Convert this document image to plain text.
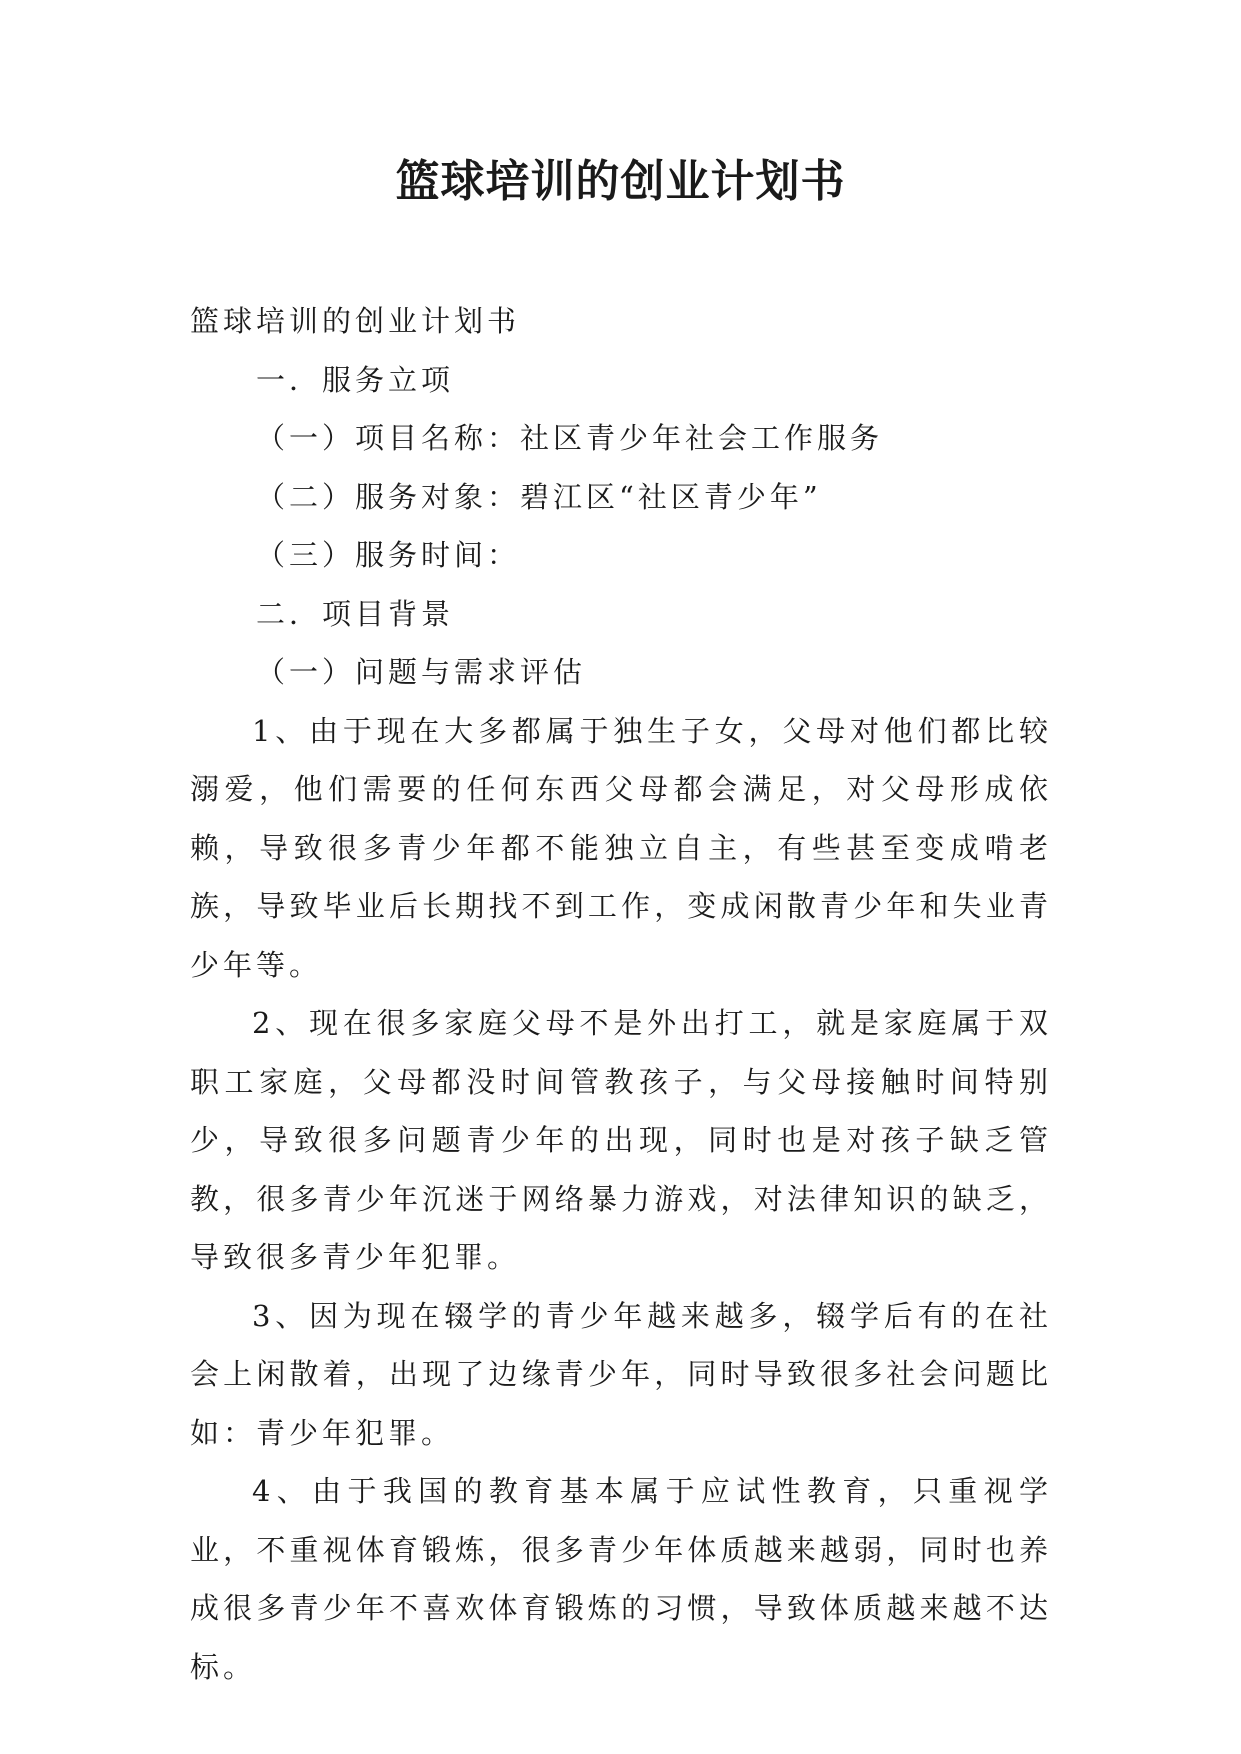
篮球培训的创业计划书

篮球培训的创业计划书

一．服务立项

（一）项目名称：社区青少年社会工作服务

（二）服务对象：碧江区“社区青少年”

（三）服务时间：

二．项目背景

（一）问题与需求评估

1、由于现在大多都属于独生子女，父母对他们都比较溺爱，他们需要的任何东西父母都会满足，对父母形成依赖，导致很多青少年都不能独立自主，有些甚至变成啃老族，导致毕业后长期找不到工作，变成闲散青少年和失业青少年等。

2、现在很多家庭父母不是外出打工，就是家庭属于双职工家庭，父母都没时间管教孩子，与父母接触时间特别少，导致很多问题青少年的出现，同时也是对孩子缺乏管教，很多青少年沉迷于网络暴力游戏，对法律知识的缺乏，导致很多青少年犯罪。

3、因为现在辍学的青少年越来越多，辍学后有的在社会上闲散着，出现了边缘青少年，同时导致很多社会问题比如：青少年犯罪。

4、由于我国的教育基本属于应试性教育，只重视学业，不重视体育锻炼，很多青少年体质越来越弱，同时也养成很多青少年不喜欢体育锻炼的习惯，导致体质越来越不达标。
